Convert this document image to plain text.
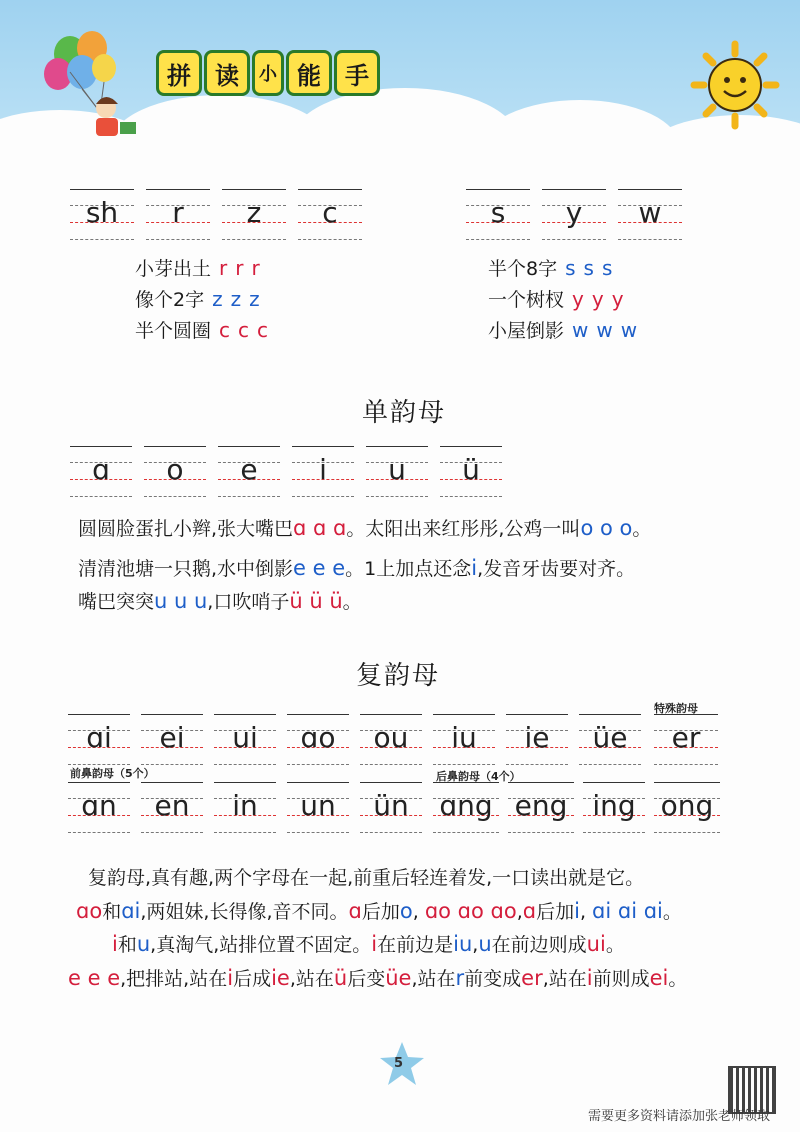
拼	读	小 能	手
sh	r	z	c	s	y	w
小芽出土 r r r
像个2字 z z z
半个圆圈 c c c
半个8字 s s s
一个树杈 y y y
小屋倒影 w w w
单韵母
ɑ	o	e	i	u	ü
圆圆脸蛋扎小辫,张大嘴巴ɑ ɑ ɑ。太阳出来红彤彤,公鸡一叫o o o。
清清池塘一只鹅,水中倒影e e e。1上加点还念i,发音牙齿要对齐。
嘴巴突突u u u,口吹哨子ü ü ü。
复韵母
特殊韵母
ɑi	ei	ui	ɑo	ou	iu	ie	üe	er
前鼻韵母（5个）	后鼻韵母（4个）
ɑn	en	in	un	ün	ɑng eng ing ong
复韵母,真有趣,两个字母在一起,前重后轻连着发,一口读出就是它。
ɑo和ɑi,两姐妹,长得像,音不同。ɑ后加o, ɑo ɑo ɑo,ɑ后加i, ɑi ɑi ɑi。
i和u,真淘气,站排位置不固定。i在前边是iu,u在前边则成ui。
e e e,把排站,站在i后成ie,站在ü后变üe,站在r前变成er,站在i前则成ei。
5
需要更多资料请添加张老师领取
